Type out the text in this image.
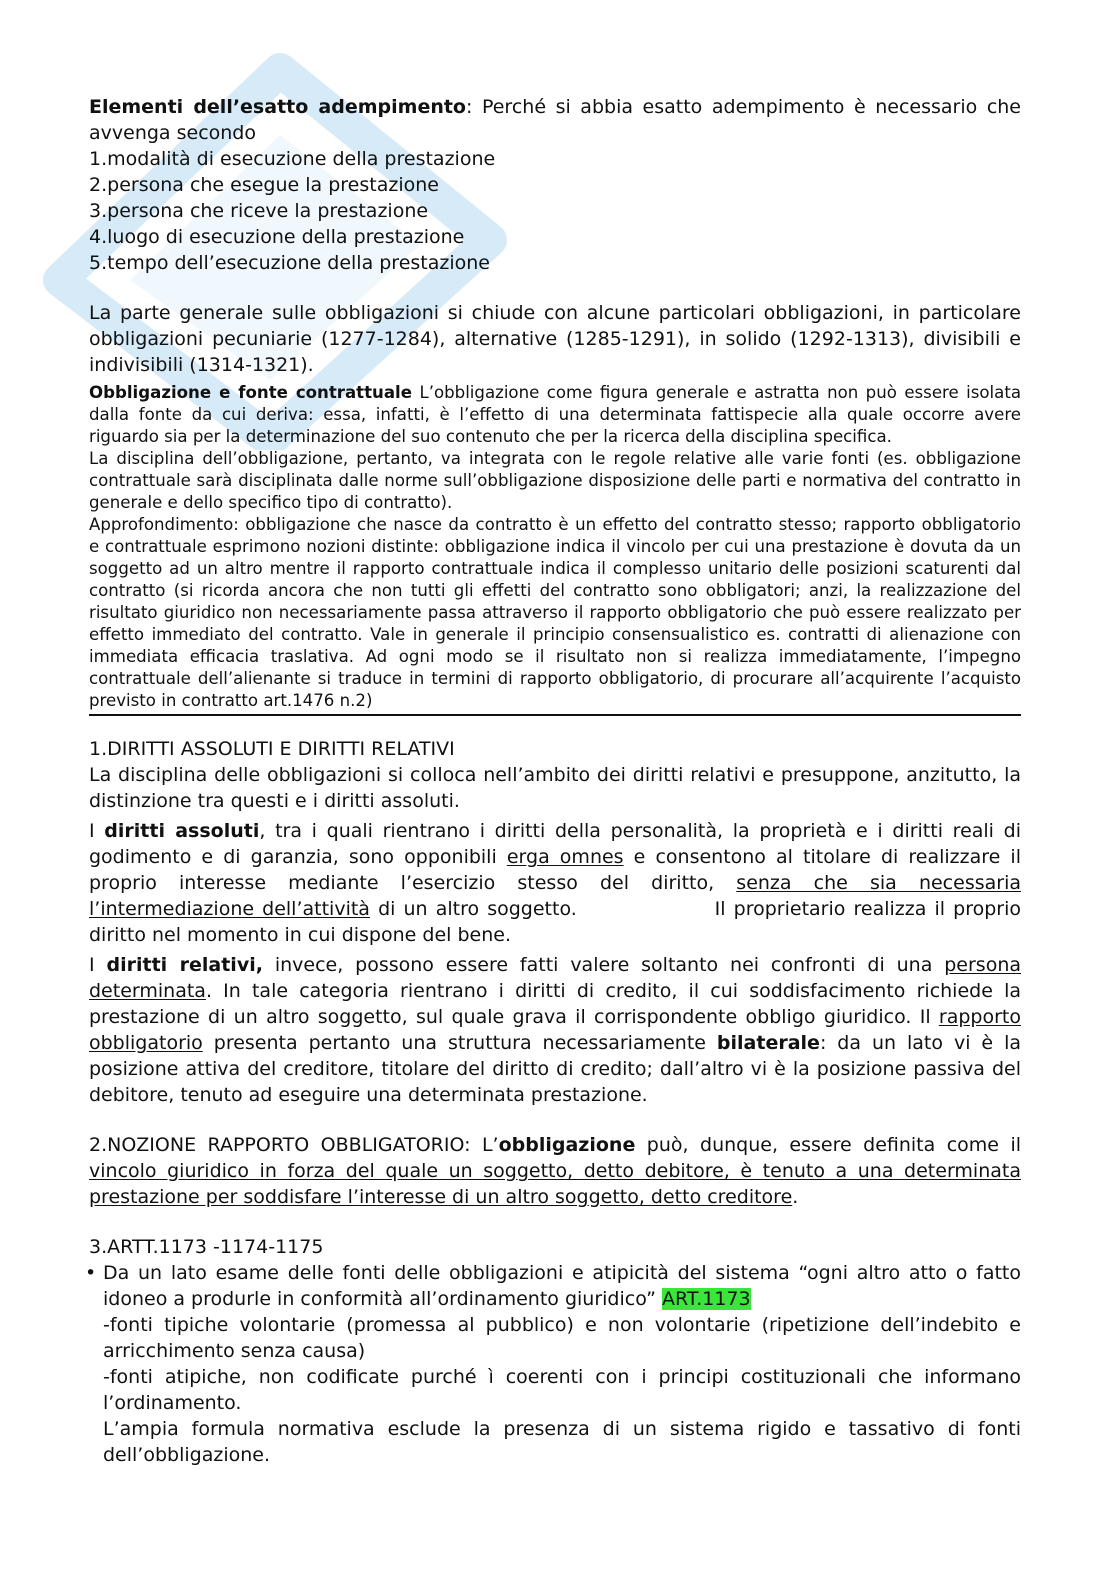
Elementi dell’esatto adempimento: Perché si abbia esatto adempimento è necessario che avvenga secondo

1.modalità di esecuzione della prestazione
2.persona che esegue la prestazione
3.persona che riceve la prestazione
4.luogo di esecuzione della prestazione
5.tempo dell’esecuzione della prestazione

La parte generale sulle obbligazioni si chiude con alcune particolari obbligazioni, in particolare obbligazioni pecuniarie (1277-1284), alternative (1285-1291), in solido (1292-1313), divisibili e indivisibili (1314-1321).

Obbligazione e fonte contrattuale L’obbligazione come figura generale e astratta non può essere isolata dalla fonte da cui deriva: essa, infatti, è l’effetto di una determinata fattispecie alla quale occorre avere riguardo sia per la determinazione del suo contenuto che per la ricerca della disciplina specifica.

La disciplina dell’obbligazione, pertanto, va integrata con le regole relative alle varie fonti (es. obbligazione contrattuale sarà disciplinata dalle norme sull’obbligazione disposizione delle parti e normativa del contratto in generale e dello specifico tipo di contratto).

Approfondimento: obbligazione che nasce da contratto è un effetto del contratto stesso; rapporto obbligatorio e contrattuale esprimono nozioni distinte: obbligazione indica il vincolo per cui una prestazione è dovuta da un soggetto ad un altro mentre il rapporto contrattuale indica il complesso unitario delle posizioni scaturenti dal contratto (si ricorda ancora che non tutti gli effetti del contratto sono obbligatori; anzi, la realizzazione del risultato giuridico non necessariamente passa attraverso il rapporto obbligatorio che può essere realizzato per effetto immediato del contratto. Vale in generale il principio consensualistico es. contratti di alienazione con immediata efficacia traslativa. Ad ogni modo se il risultato non si realizza immediatamente, l’impegno contrattuale dell’alienante si traduce in termini di rapporto obbligatorio, di procurare all’acquirente l’acquisto previsto in contratto art.1476 n.2)

1.DIRITTI ASSOLUTI E DIRITTI RELATIVI

La disciplina delle obbligazioni si colloca nell’ambito dei diritti relativi e presuppone, anzitutto, la distinzione tra questi e i diritti assoluti.

I diritti assoluti, tra i quali rientrano i diritti della personalità, la proprietà e i diritti reali di godimento e di garanzia, sono opponibili erga omnes e consentono al titolare di realizzare il proprio interesse mediante l’esercizio stesso del diritto, senza che sia necessaria l’intermediazione dell’attività di un altro soggetto.                 Il proprietario realizza il proprio diritto nel momento in cui dispone del bene.

I diritti relativi, invece, possono essere fatti valere soltanto nei confronti di una persona determinata. In tale categoria rientrano i diritti di credito, il cui soddisfacimento richiede la prestazione di un altro soggetto, sul quale grava il corrispondente obbligo giuridico. Il rapporto obbligatorio presenta pertanto una struttura necessariamente bilaterale: da un lato vi è la posizione attiva del creditore, titolare del diritto di credito; dall’altro vi è la posizione passiva del debitore, tenuto ad eseguire una determinata prestazione.

2.NOZIONE RAPPORTO OBBLIGATORIO: L’obbligazione può, dunque, essere definita come il vincolo giuridico in forza del quale un soggetto, detto debitore, è tenuto a una determinata prestazione per soddisfare l’interesse di un altro soggetto, detto creditore.

3.ARTT.1173 -1174-1175
• Da un lato esame delle fonti delle obbligazioni e atipicità del sistema “ogni altro atto o fatto idoneo a produrle in conformità all’ordinamento giuridico” ART.1173

-fonti tipiche volontarie (promessa al pubblico) e non volontarie (ripetizione dell’indebito e arricchimento senza causa)

-fonti atipiche, non codificate purché ì coerenti con i principi costituzionali che informano l’ordinamento.

L’ampia formula normativa esclude la presenza di un sistema rigido e tassativo di fonti dell’obbligazione.
